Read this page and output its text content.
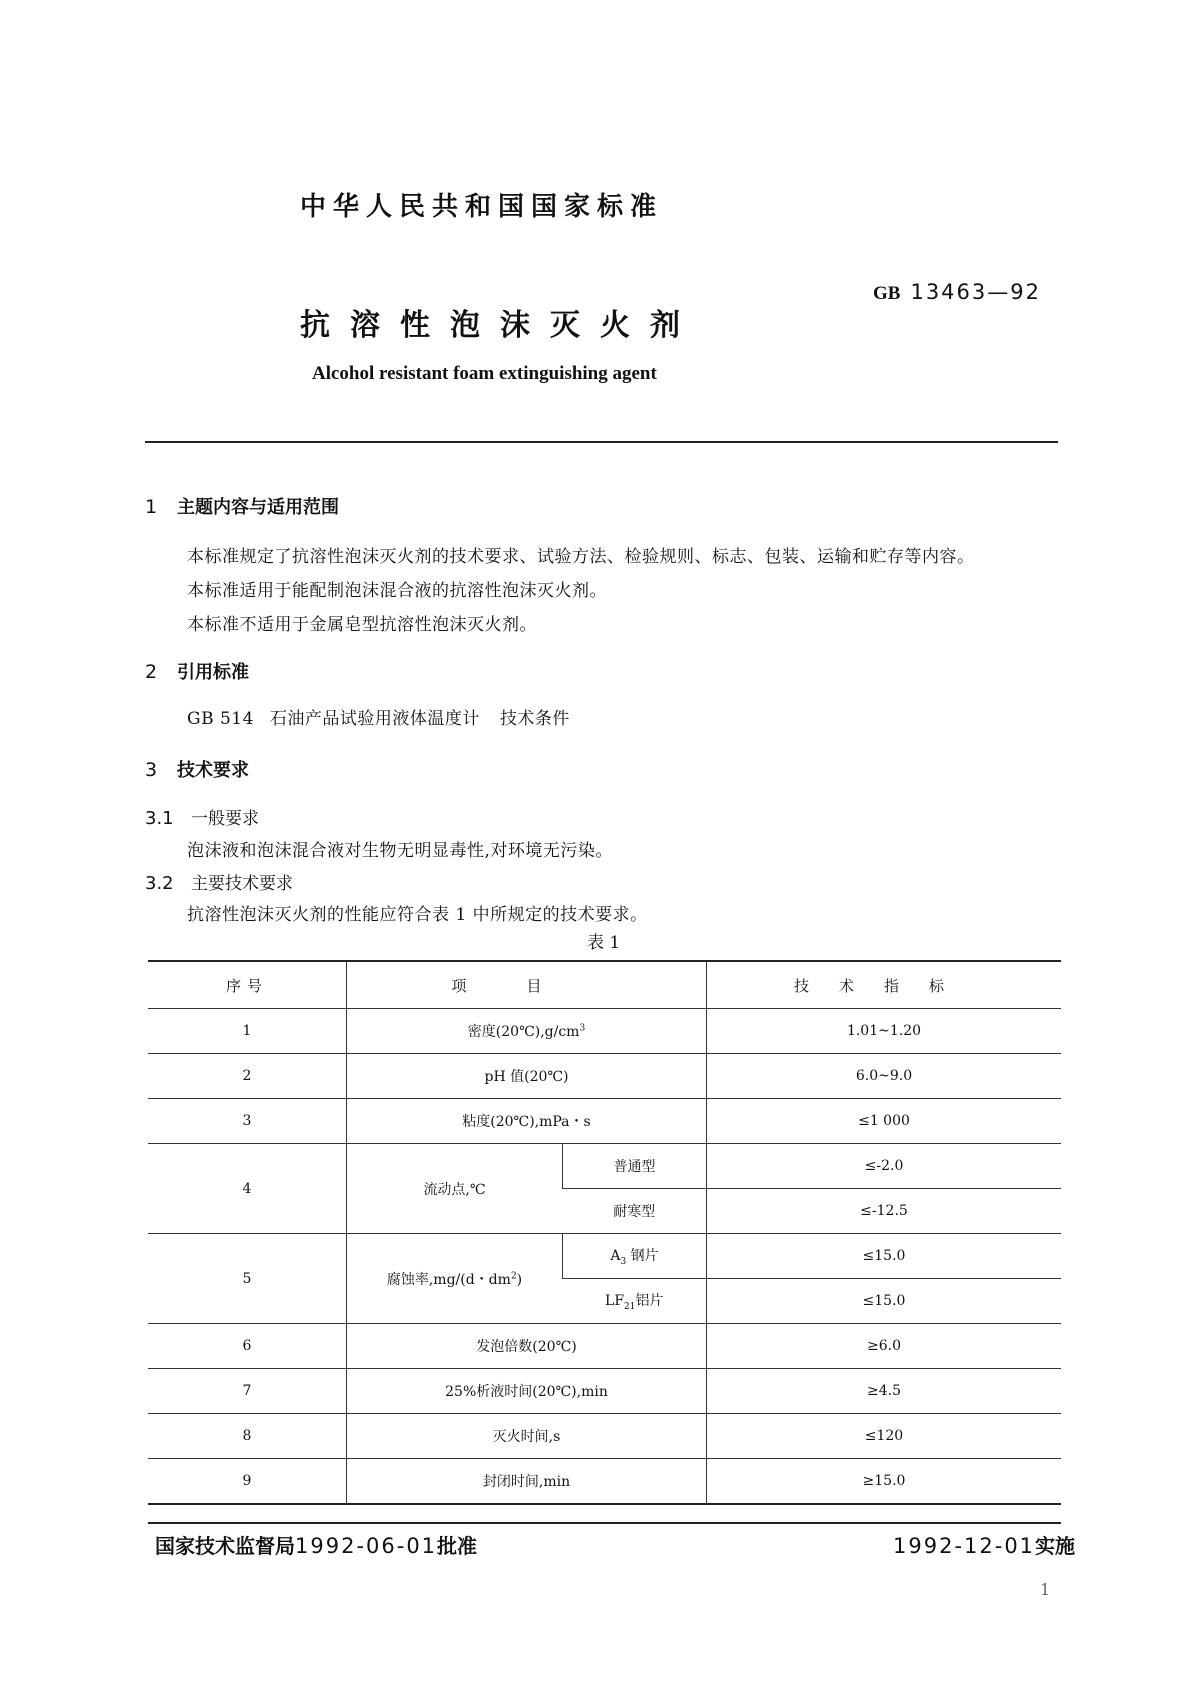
中华人民共和国国家标准
GB 13463—92
抗溶性泡沫灭火剂
Alcohol resistant foam extinguishing agent
1 主题内容与适用范围
本标准规定了抗溶性泡沫灭火剂的技术要求、试验方法、检验规则、标志、包装、运输和贮存等内容。
本标准适用于能配制泡沫混合液的抗溶性泡沫灭火剂。
本标准不适用于金属皂型抗溶性泡沫灭火剂。
2 引用标准
GB 514 石油产品试验用液体温度计 技术条件
3 技术要求
3.1 一般要求
泡沫液和泡沫混合液对生物无明显毒性,对环境无污染。
3.2 主要技术要求
抗溶性泡沫灭火剂的性能应符合表 1 中所规定的技术要求。
表 1
序号	项目		技术指标
1	密度$(20℃),g/cm^3$		1.01~1.20
2	pH 值(20℃)		6.0~9.0
3	粘度(20℃),mPa・s		≤1 000
4	流动点,℃	普通型	≤-2.0
		耐寒型	≤-12.5
5	腐蚀率,mg/(d・$dm^2$)	$A_3$ 钢片	≤15.0
		$LF_{21}$铝片	≤15.0
6	发泡倍数(20℃)		≥6.0
7	25%析液时间(20℃),min		≥4.5
8	灭火时间,s		≤120
9	封闭时间,min		≥15.0
国家技术监督局1992-06-01批准	1992-12-01实施
1
